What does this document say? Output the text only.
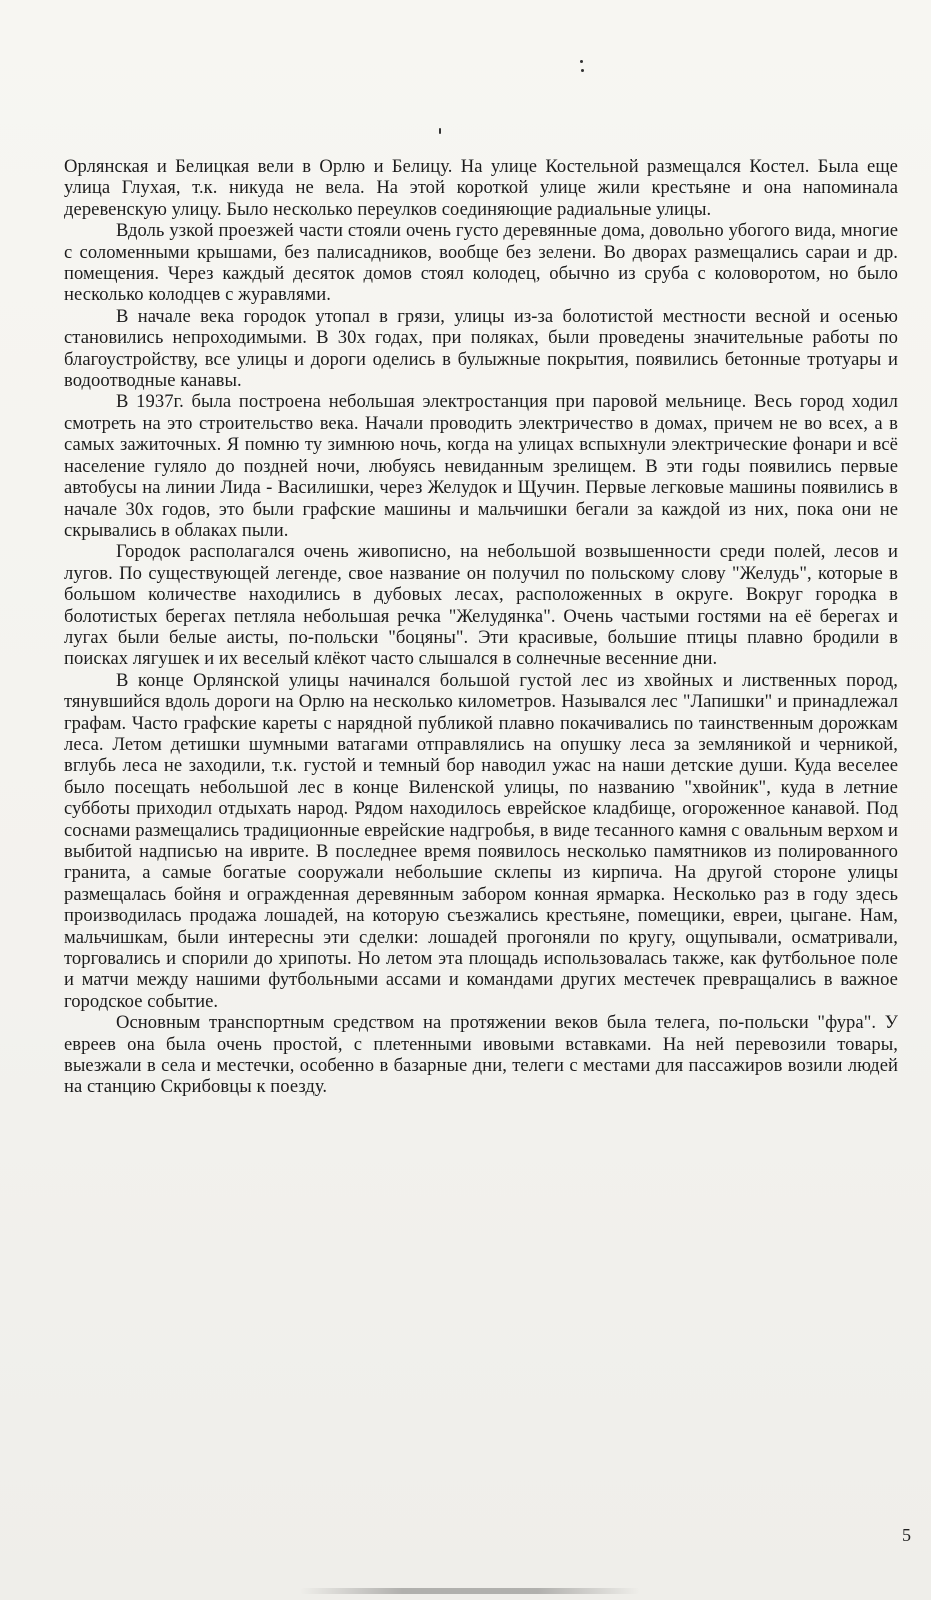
Орлянская и Белицкая вели в Орлю и Белицу. На улице Костельной размещался Костел. Была еще улица Глухая, т.к. никуда не вела. На этой короткой улице жили крестьяне и она напоминала деревенскую улицу. Было несколько переулков соединяющие радиальные улицы.

Вдоль узкой проезжей части стояли очень густо деревянные дома, довольно убогого вида, многие с соломенными крышами, без палисадников, вообще без зелени. Во дворах размещались сараи и др. помещения. Через каждый десяток домов стоял колодец, обычно из сруба с коловоротом, но было несколько колодцев с журавлями.

В начале века городок утопал в грязи, улицы из-за болотистой местности весной и осенью становились непроходимыми. В 30х годах, при поляках, были проведены значительные работы по благоустройству, все улицы и дороги оделись в булыжные покрытия, появились бетонные тротуары и водоотводные канавы.

В 1937г. была построена небольшая электростанция при паровой мельнице. Весь город ходил смотреть на это строительство века. Начали проводить электричество в домах, причем не во всех, а в самых зажиточных. Я помню ту зимнюю ночь, когда на улицах вспыхнули электрические фонари и всё население гуляло до поздней ночи, любуясь невиданным зрелищем. В эти годы появились первые автобусы на линии Лида - Василишки, через Желудок и Щучин. Первые легковые машины появились в начале 30х годов, это были графские машины и мальчишки бегали за каждой из них, пока они не скрывались в облаках пыли.

Городок располагался очень живописно, на небольшой возвышенности среди полей, лесов и лугов. По существующей легенде, свое название он получил по польскому слову "Желудь", которые в большом количестве находились в дубовых лесах, расположенных в округе. Вокруг городка в болотистых берегах петляла небольшая речка "Желудянка". Очень частыми гостями на её берегах и лугах были белые аисты, по-польски "боцяны". Эти красивые, большие птицы плавно бродили в поисках лягушек и их веселый клёкот часто слышался в солнечные весенние дни.

В конце Орлянской улицы начинался большой густой лес из хвойных и лиственных пород, тянувшийся вдоль дороги на Орлю на несколько километров. Назывался лес "Лапишки" и принадлежал графам. Часто графские кареты с нарядной публикой плавно покачивались по таинственным дорожкам леса. Летом детишки шумными ватагами отправлялись на опушку леса за земляникой и черникой, вглубь леса не заходили, т.к. густой и темный бор наводил ужас на наши детские души. Куда веселее было посещать небольшой лес в конце Виленской улицы, по названию "хвойник", куда в летние субботы приходил отдыхать народ. Рядом находилось еврейское кладбище, огороженное канавой. Под соснами размещались традиционные еврейские надгробья, в виде тесанного камня с овальным верхом и выбитой надписью на иврите. В последнее время появилось несколько памятников из полированного гранита, а самые богатые сооружали небольшие склепы из кирпича. На другой стороне улицы размещалась бойня и огражденная деревянным забором конная ярмарка. Несколько раз в году здесь производилась продажа лошадей, на которую съезжались крестьяне, помещики, евреи, цыгане. Нам, мальчишкам, были интересны эти сделки: лошадей прогоняли по кругу, ощупывали, осматривали, торговались и спорили до хрипоты. Но летом эта площадь использовалась также, как футбольное поле и матчи между нашими футбольными ассами и командами других местечек превращались в важное городское событие.

Основным транспортным средством на протяжении веков была телега, по-польски "фура". У евреев она была очень простой, с плетенными ивовыми вставками. На ней перевозили товары, выезжали в села и местечки, особенно в базарные дни, телеги с местами для пассажиров возили людей на станцию Скрибовцы к поезду.

5
